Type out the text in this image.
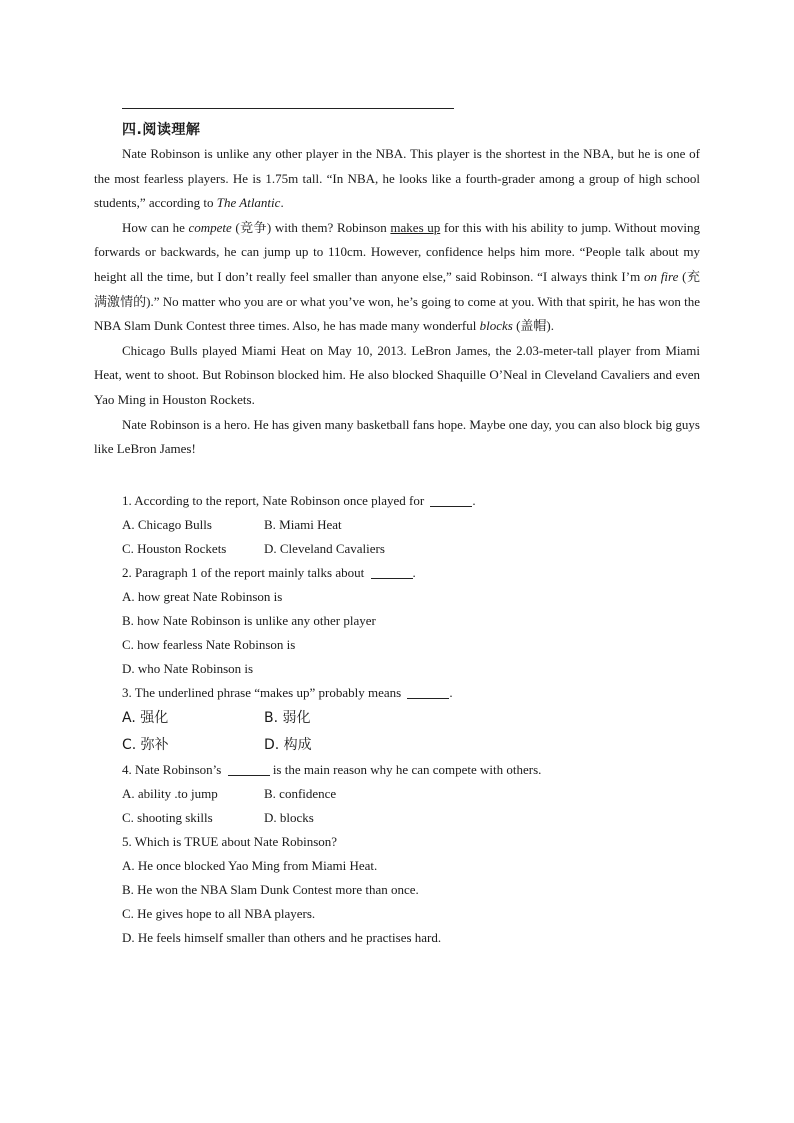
四.阅读理解

Nate Robinson is unlike any other player in the NBA. This player is the shortest in the NBA, but he is one of the most fearless players. He is 1.75m tall. “In NBA, he looks like a fourth-grader among a group of high school students,” according to The Atlantic.

How can he compete (竞争) with them? Robinson makes up for this with his ability to jump. Without moving forwards or backwards, he can jump up to 110cm. However, confidence helps him more. “People talk about my height all the time, but I don’t really feel smaller than anyone else,” said Robinson. “I always think I’m on fire (充满激情的).” No matter who you are or what you’ve won, he’s going to come at you. With that spirit, he has won the NBA Slam Dunk Contest three times. Also, he has made many wonderful blocks (盖帽).

Chicago Bulls played Miami Heat on May 10, 2013. LeBron James, the 2.03-meter-tall player from Miami Heat, went to shoot. But Robinson blocked him. He also blocked Shaquille O’Neal in Cleveland Cavaliers and even Yao Ming in Houston Rockets.

Nate Robinson is a hero. He has given many basketball fans hope. Maybe one day, you can also block big guys like LeBron James!

1. According to the report, Nate Robinson once played for	.
A. Chicago Bulls	B. Miami Heat
C. Houston Rockets	D. Cleveland Cavaliers
2. Paragraph 1 of the report mainly talks about	.
A. how great Nate Robinson is
B. how Nate Robinson is unlike any other player
C. how fearless Nate Robinson is
D. who Nate Robinson is
3. The underlined phrase “makes up” probably means	.
A. 强化	B. 弱化
C. 弥补	D. 构成
4. Nate Robinson’s	is the main reason why he can compete with others.
A. ability .to jump	B. confidence
C. shooting skills	D. blocks
5. Which is TRUE about Nate Robinson?
A. He once blocked Yao Ming from Miami Heat.
B. He won the NBA Slam Dunk Contest more than once.
C. He gives hope to all NBA players.
D. He feels himself smaller than others and he practises hard.
